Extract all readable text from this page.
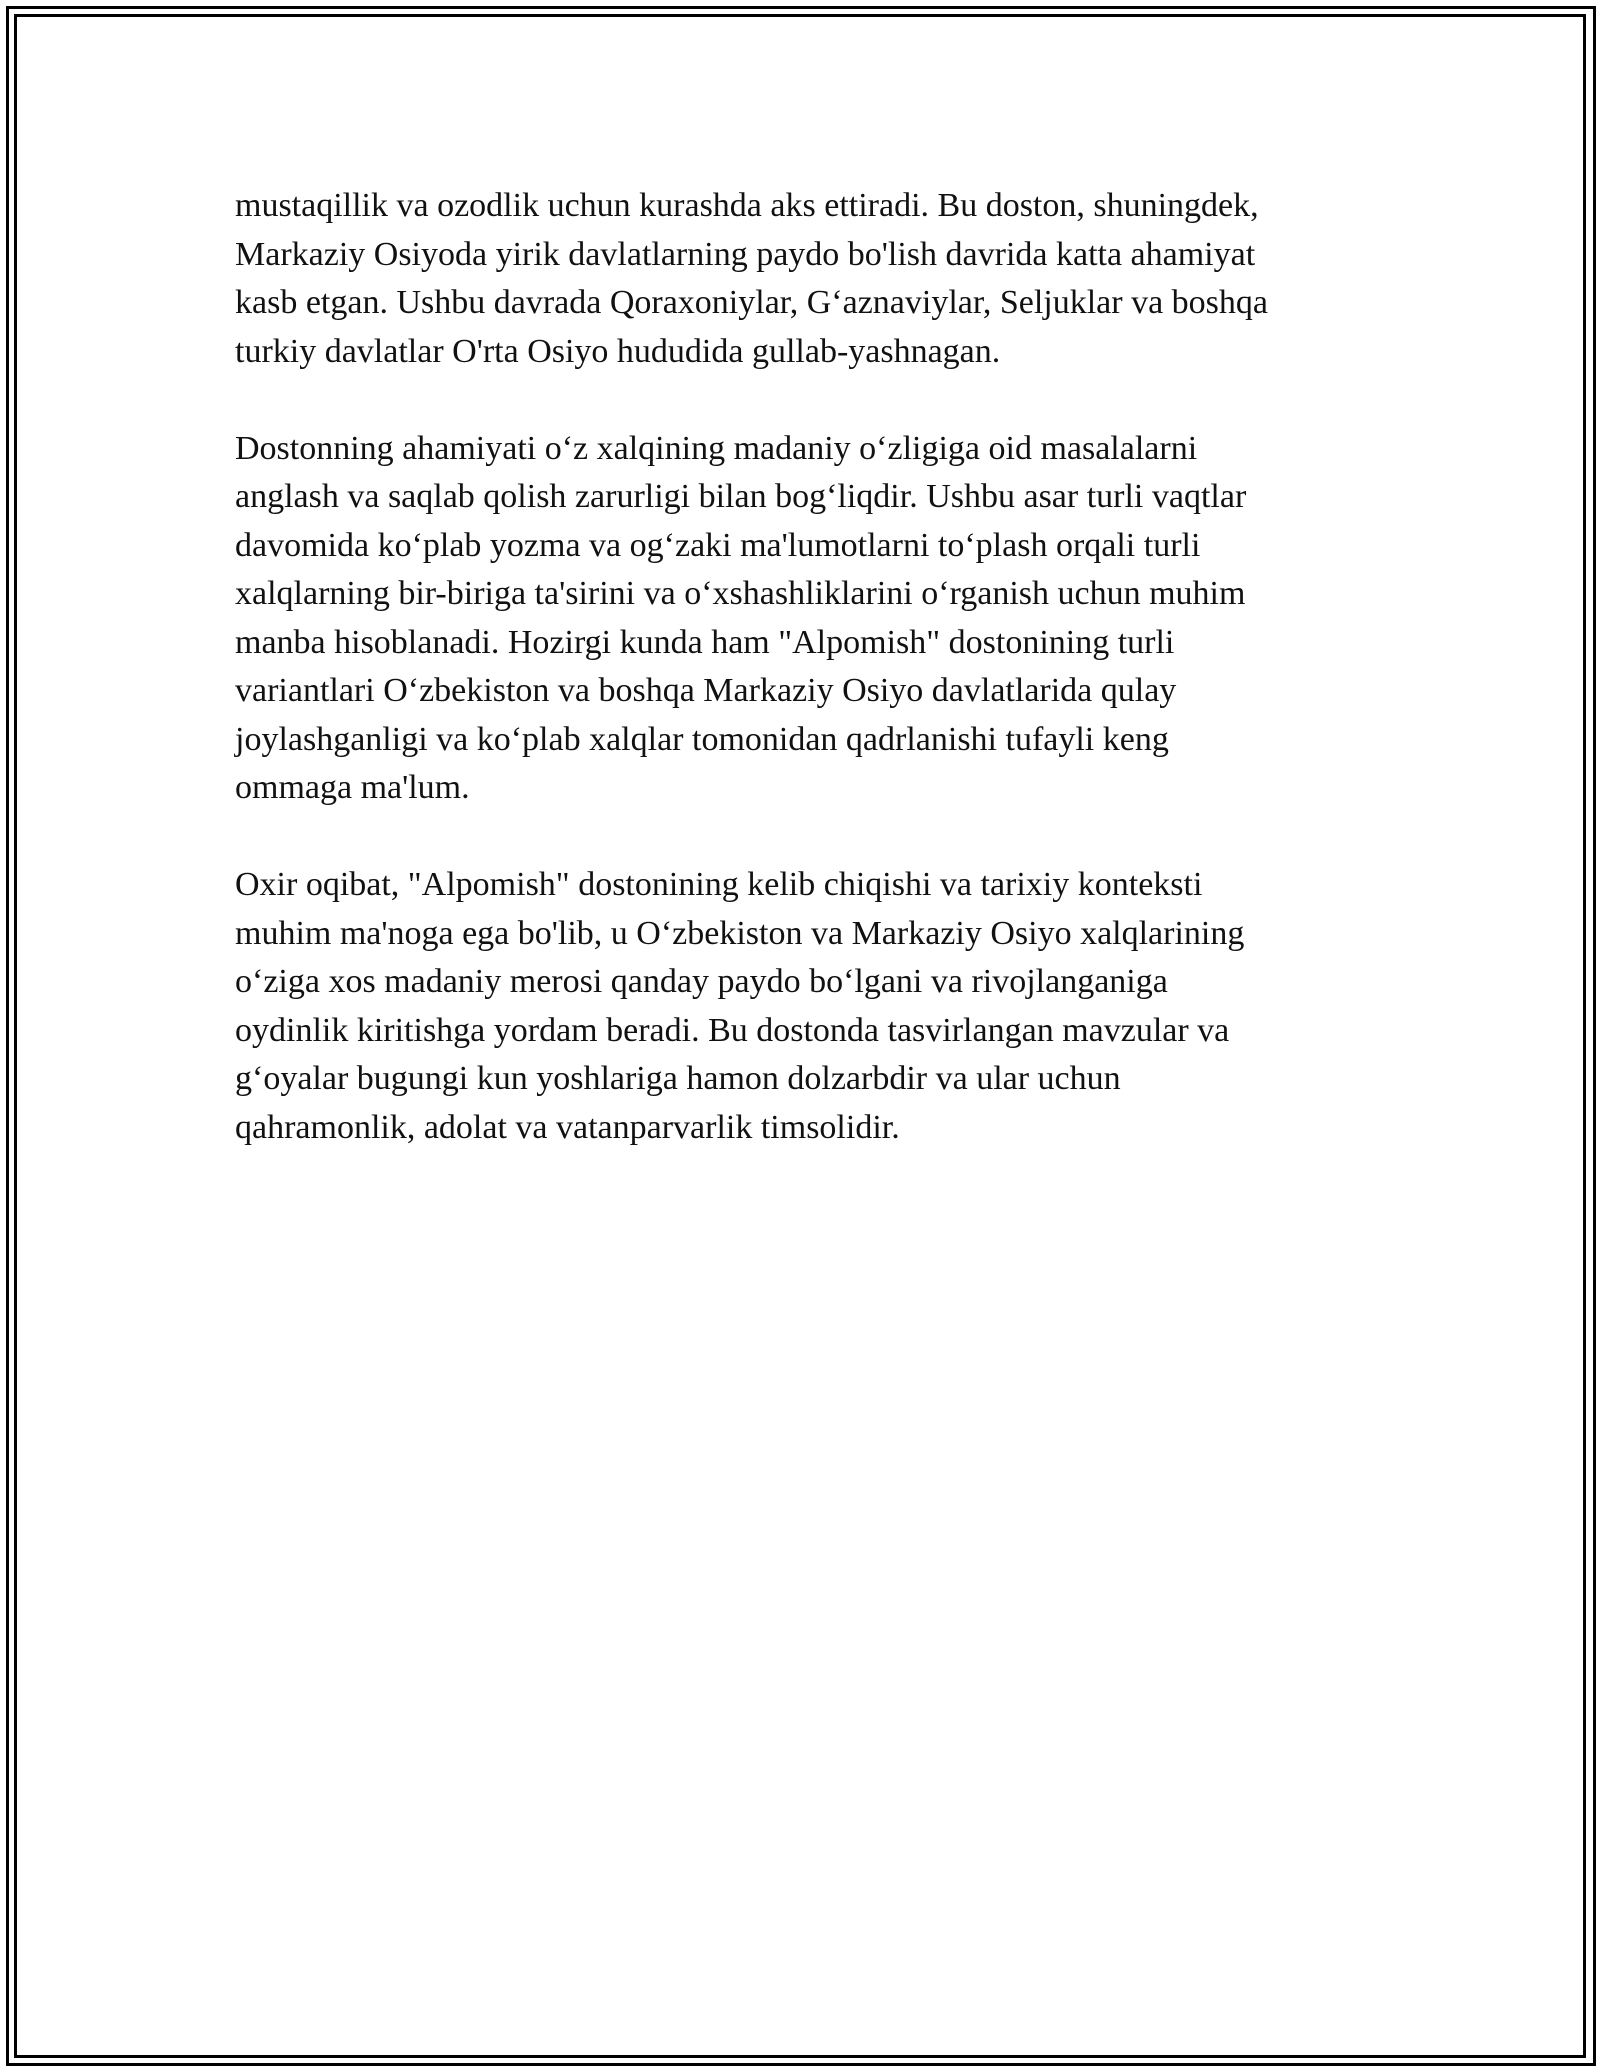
mustaqillik va ozodlik uchun kurashda aks ettiradi. Bu doston, shuningdek,
Markaziy Osiyoda yirik davlatlarning paydo bo'lish davrida katta ahamiyat
kasb etgan. Ushbu davrada Qoraxoniylar, G‘aznaviylar, Seljuklar va boshqa
turkiy davlatlar O'rta Osiyo hududida gullab-yashnagan.

Dostonning ahamiyati o‘z xalqining madaniy o‘zligiga oid masalalarni
anglash va saqlab qolish zarurligi bilan bog‘liqdir. Ushbu asar turli vaqtlar
davomida ko‘plab yozma va og‘zaki ma'lumotlarni to‘plash orqali turli
xalqlarning bir-biriga ta'sirini va o‘xshashliklarini o‘rganish uchun muhim
manba hisoblanadi. Hozirgi kunda ham "Alpomish" dostonining turli
variantlari O‘zbekiston va boshqa Markaziy Osiyo davlatlarida qulay
joylashganligi va ko‘plab xalqlar tomonidan qadrlanishi tufayli keng
ommaga ma'lum.

Oxir oqibat, "Alpomish" dostonining kelib chiqishi va tarixiy konteksti
muhim ma'noga ega bo'lib, u O‘zbekiston va Markaziy Osiyo xalqlarining
o‘ziga xos madaniy merosi qanday paydo bo‘lgani va rivojlanganiga
oydinlik kiritishga yordam beradi. Bu dostonda tasvirlangan mavzular va
g‘oyalar bugungi kun yoshlariga hamon dolzarbdir va ular uchun
qahramonlik, adolat va vatanparvarlik timsolidir.
